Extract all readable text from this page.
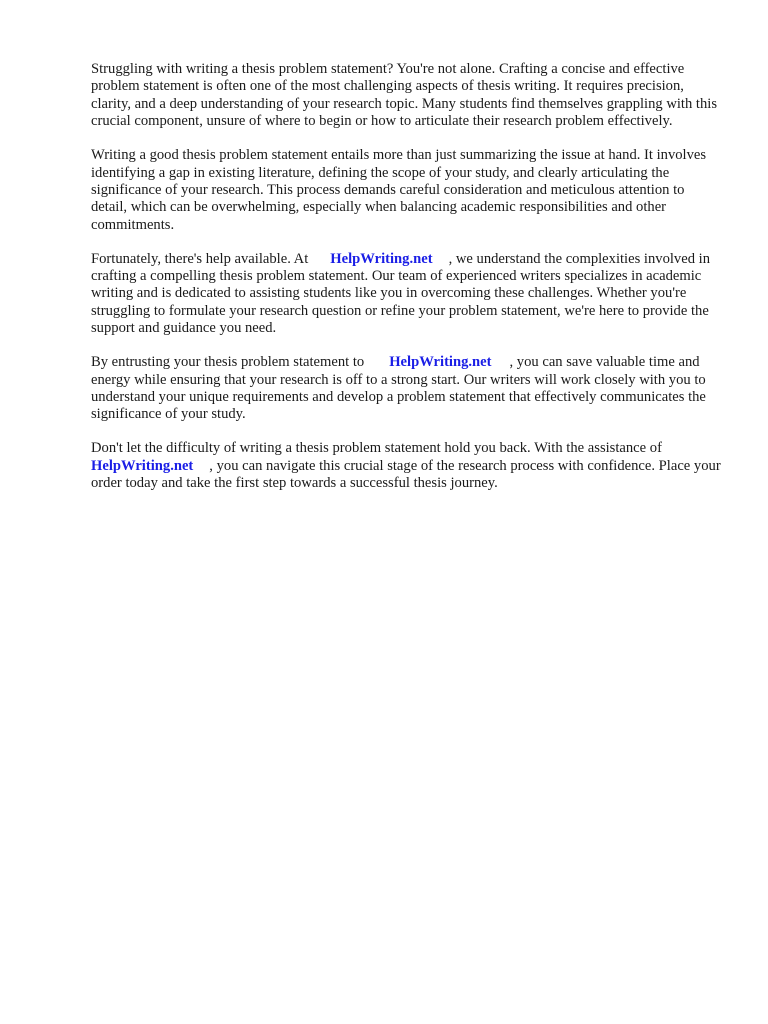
Struggling with writing a thesis problem statement? You're not alone. Crafting a concise and effective problem statement is often one of the most challenging aspects of thesis writing. It requires precision, clarity, and a deep understanding of your research topic. Many students find themselves grappling with this crucial component, unsure of where to begin or how to articulate their research problem effectively.

Writing a good thesis problem statement entails more than just summarizing the issue at hand. It involves identifying a gap in existing literature, defining the scope of your study, and clearly articulating the significance of your research. This process demands careful consideration and meticulous attention to detail, which can be overwhelming, especially when balancing academic responsibilities and other commitments.

Fortunately, there's help available. At HelpWriting.net , we understand the complexities involved in crafting a compelling thesis problem statement. Our team of experienced writers specializes in academic writing and is dedicated to assisting students like you in overcoming these challenges. Whether you're struggling to formulate your research question or refine your problem statement, we're here to provide the support and guidance you need.

By entrusting your thesis problem statement to HelpWriting.net , you can save valuable time and energy while ensuring that your research is off to a strong start. Our writers will work closely with you to understand your unique requirements and develop a problem statement that effectively communicates the significance of your study.

Don't let the difficulty of writing a thesis problem statement hold you back. With the assistance of HelpWriting.net , you can navigate this crucial stage of the research process with confidence. Place your order today and take the first step towards a successful thesis journey.
